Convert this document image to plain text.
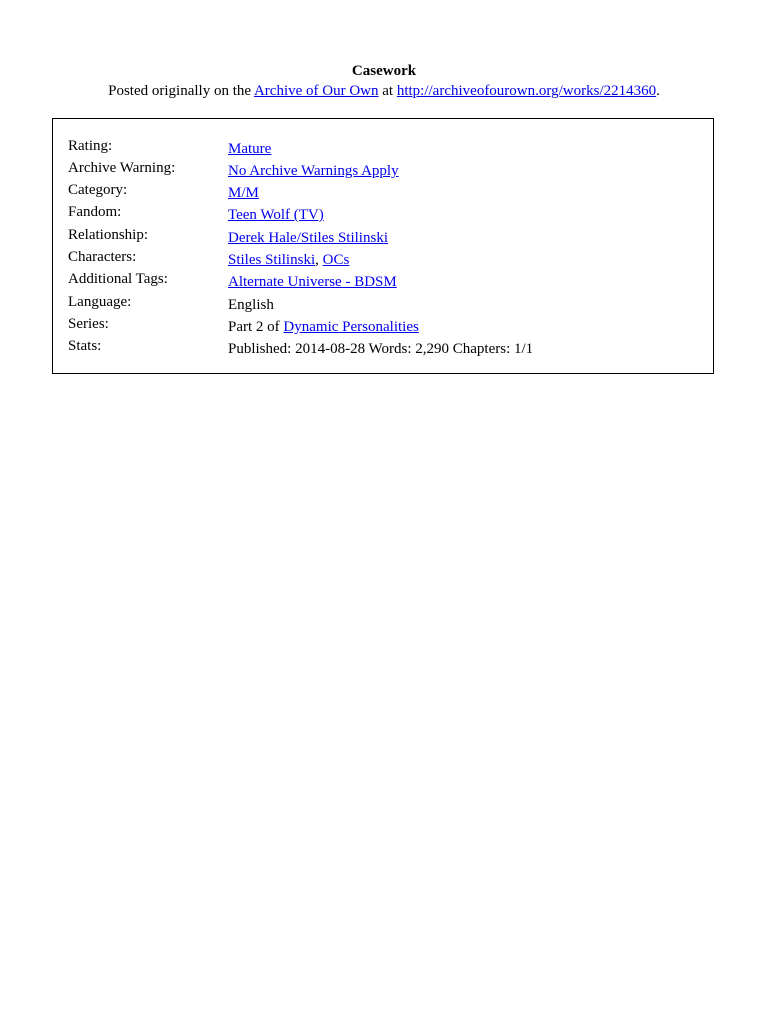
Casework
Posted originally on the Archive of Our Own at http://archiveofourown.org/works/2214360.
Rating:	Mature
Archive Warning:	No Archive Warnings Apply
Category:	M/M
Fandom:	Teen Wolf (TV)
Relationship:	Derek Hale/Stiles Stilinski
Characters:	Stiles Stilinski, OCs
Additional Tags:	Alternate Universe - BDSM
Language:	English
Series:	Part 2 of Dynamic Personalities
Stats:	Published: 2014-08-28 Words: 2,290 Chapters: 1/1
